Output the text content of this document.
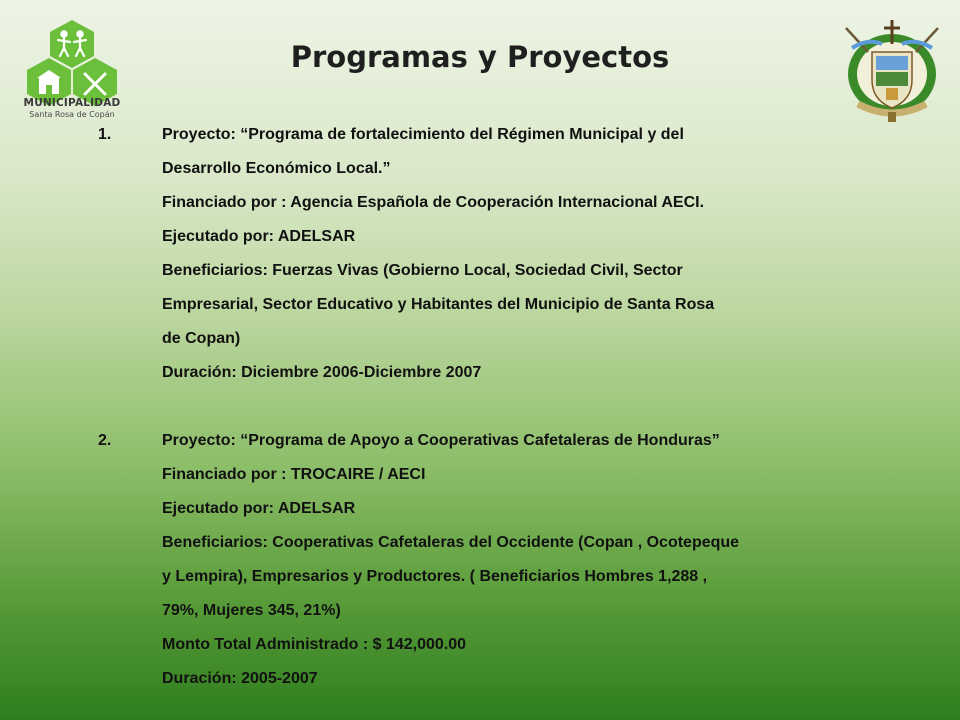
MUNICIPALIDAD
Santa Rosa de Copán
Programas y Proyectos
1.	Proyecto: “Programa de fortalecimiento del Régimen Municipal y del
Desarrollo Económico Local.”
Financiado por : Agencia Española de Cooperación Internacional AECI.
Ejecutado por: ADELSAR
Beneficiarios: Fuerzas Vivas (Gobierno Local, Sociedad Civil, Sector
Empresarial, Sector Educativo y Habitantes del Municipio de Santa Rosa
de Copan)
Duración: Diciembre 2006-Diciembre 2007
2.	Proyecto: “Programa de Apoyo a Cooperativas Cafetaleras de Honduras”
Financiado por : TROCAIRE / AECI
Ejecutado por: ADELSAR
Beneficiarios: Cooperativas Cafetaleras del Occidente (Copan , Ocotepeque
y Lempira), Empresarios y Productores. ( Beneficiarios Hombres 1,288 ,
79%, Mujeres 345, 21%)
Monto Total Administrado : $ 142,000.00
Duración: 2005-2007
